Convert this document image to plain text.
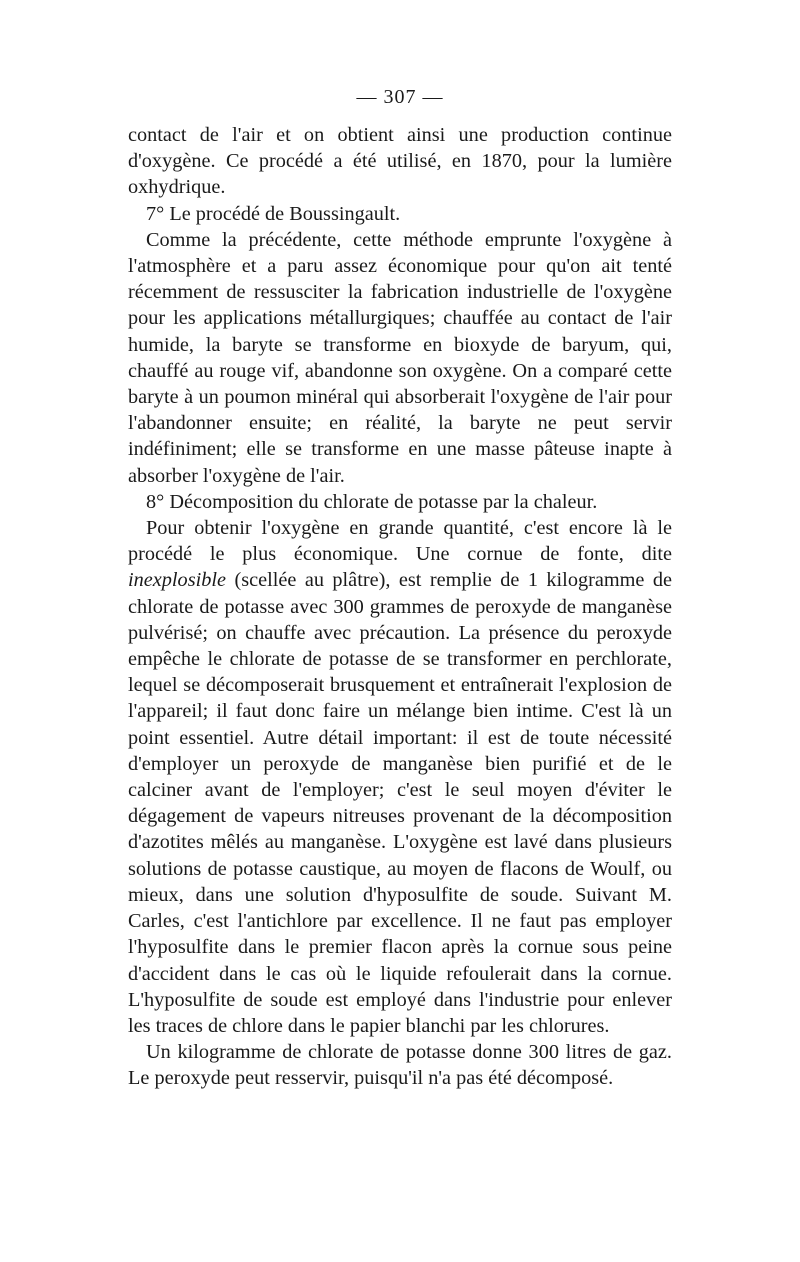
— 307 —

contact de l'air et on obtient ainsi une production continue d'oxygène. Ce procédé a été utilisé, en 1870, pour la lumière oxhydrique.

7° Le procédé de Boussingault.

Comme la précédente, cette méthode emprunte l'oxygène à l'atmosphère et a paru assez économique pour qu'on ait tenté récemment de ressusciter la fabrication industrielle de l'oxygène pour les applications métallurgiques; chauffée au contact de l'air humide, la baryte se transforme en bioxyde de baryum, qui, chauffé au rouge vif, abandonne son oxygène. On a comparé cette baryte à un poumon minéral qui absorberait l'oxygène de l'air pour l'abandonner ensuite; en réalité, la baryte ne peut servir indéfiniment; elle se transforme en une masse pâteuse inapte à absorber l'oxygène de l'air.

8° Décomposition du chlorate de potasse par la chaleur.

Pour obtenir l'oxygène en grande quantité, c'est encore là le procédé le plus économique. Une cornue de fonte, dite inexplosible (scellée au plâtre), est remplie de 1 kilogramme de chlorate de potasse avec 300 grammes de peroxyde de manganèse pulvérisé; on chauffe avec précaution. La présence du peroxyde empêche le chlorate de potasse de se transformer en perchlorate, lequel se décomposerait brusquement et entraînerait l'explosion de l'appareil; il faut donc faire un mélange bien intime. C'est là un point essentiel. Autre détail important: il est de toute nécessité d'employer un peroxyde de manganèse bien purifié et de le calciner avant de l'employer; c'est le seul moyen d'éviter le dégagement de vapeurs nitreuses provenant de la décomposition d'azotites mêlés au manganèse. L'oxygène est lavé dans plusieurs solutions de potasse caustique, au moyen de flacons de Woulf, ou mieux, dans une solution d'hyposulfite de soude. Suivant M. Carles, c'est l'antichlore par excellence. Il ne faut pas employer l'hyposulfite dans le premier flacon après la cornue sous peine d'accident dans le cas où le liquide refoulerait dans la cornue. L'hyposulfite de soude est employé dans l'industrie pour enlever les traces de chlore dans le papier blanchi par les chlorures.

Un kilogramme de chlorate de potasse donne 300 litres de gaz. Le peroxyde peut resservir, puisqu'il n'a pas été décomposé.
